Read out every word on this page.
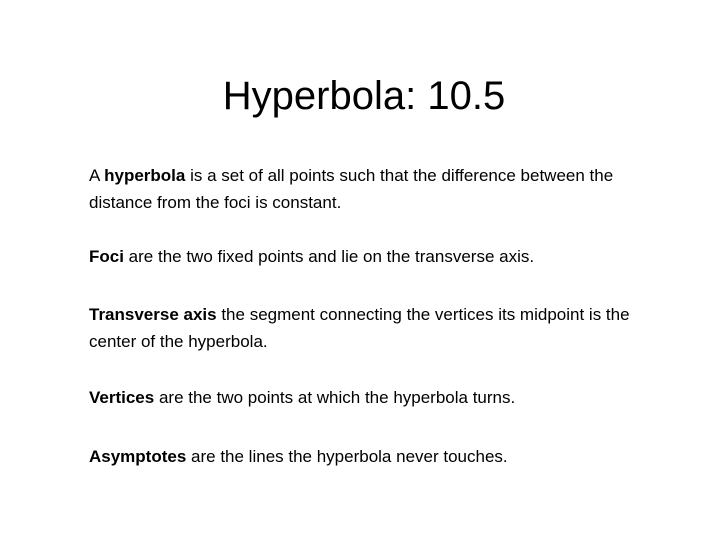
Hyperbola: 10.5

A hyperbola is a set of all points such that the difference between the distance from the foci is constant.

Foci are the two fixed points and lie on the transverse axis.

Transverse axis the segment connecting the vertices its midpoint is the center of the hyperbola.

Vertices are the two points at which the hyperbola turns.

Asymptotes are the lines the hyperbola never touches.
